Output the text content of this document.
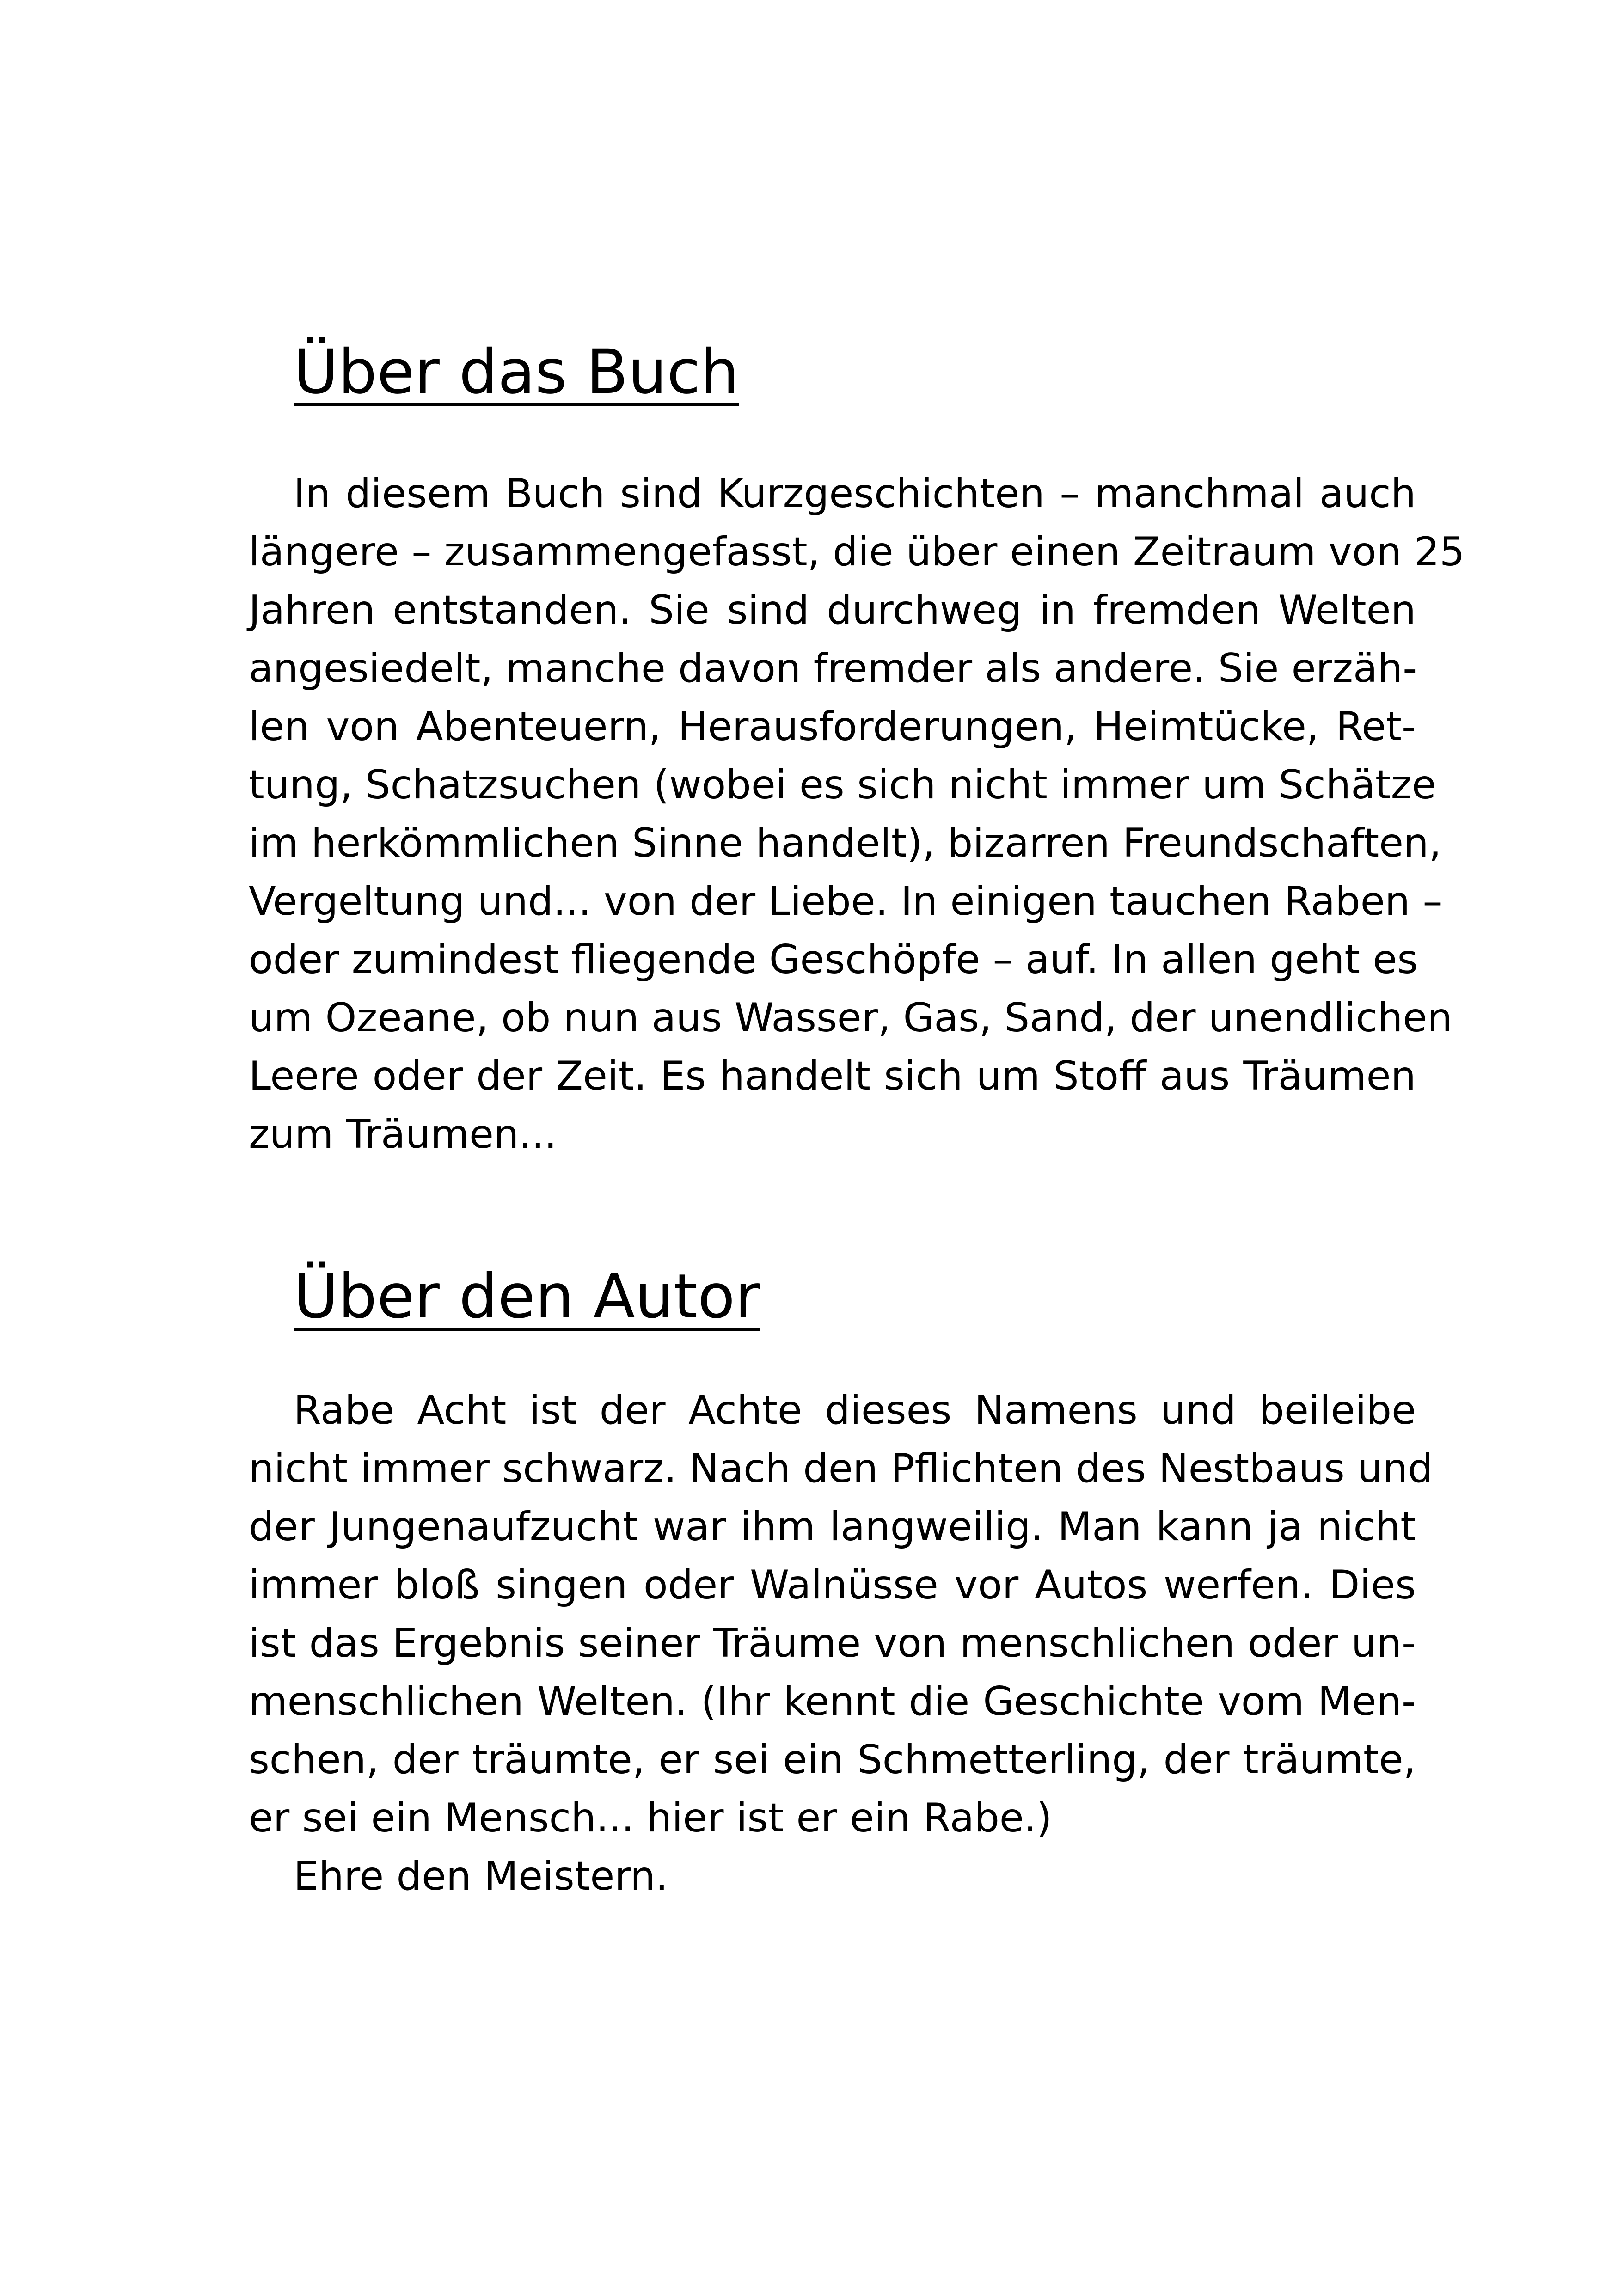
Über das Buch
In diesem Buch sind Kurzgeschichten – manchmal auch
längere – zusammengefasst, die über einen Zeitraum von 25
Jahren entstanden. Sie sind durchweg in fremden Welten
angesiedelt, manche davon fremder als andere. Sie erzäh-
len von Abenteuern, Herausforderungen, Heimtücke, Ret-
tung, Schatzsuchen (wobei es sich nicht immer um Schätze
im herkömmlichen Sinne handelt), bizarren Freundschaften,
Vergeltung und... von der Liebe. In einigen tauchen Raben –
oder zumindest fliegende Geschöpfe – auf. In allen geht es
um Ozeane, ob nun aus Wasser, Gas, Sand, der unendlichen
Leere oder der Zeit. Es handelt sich um Stoff aus Träumen
zum Träumen...
Über den Autor
Rabe Acht ist der Achte dieses Namens und beileibe
nicht immer schwarz. Nach den Pflichten des Nestbaus und
der Jungenaufzucht war ihm langweilig. Man kann ja nicht
immer bloß singen oder Walnüsse vor Autos werfen. Dies
ist das Ergebnis seiner Träume von menschlichen oder un-
menschlichen Welten. (Ihr kennt die Geschichte vom Men-
schen, der träumte, er sei ein Schmetterling, der träumte,
er sei ein Mensch... hier ist er ein Rabe.)
Ehre den Meistern.
